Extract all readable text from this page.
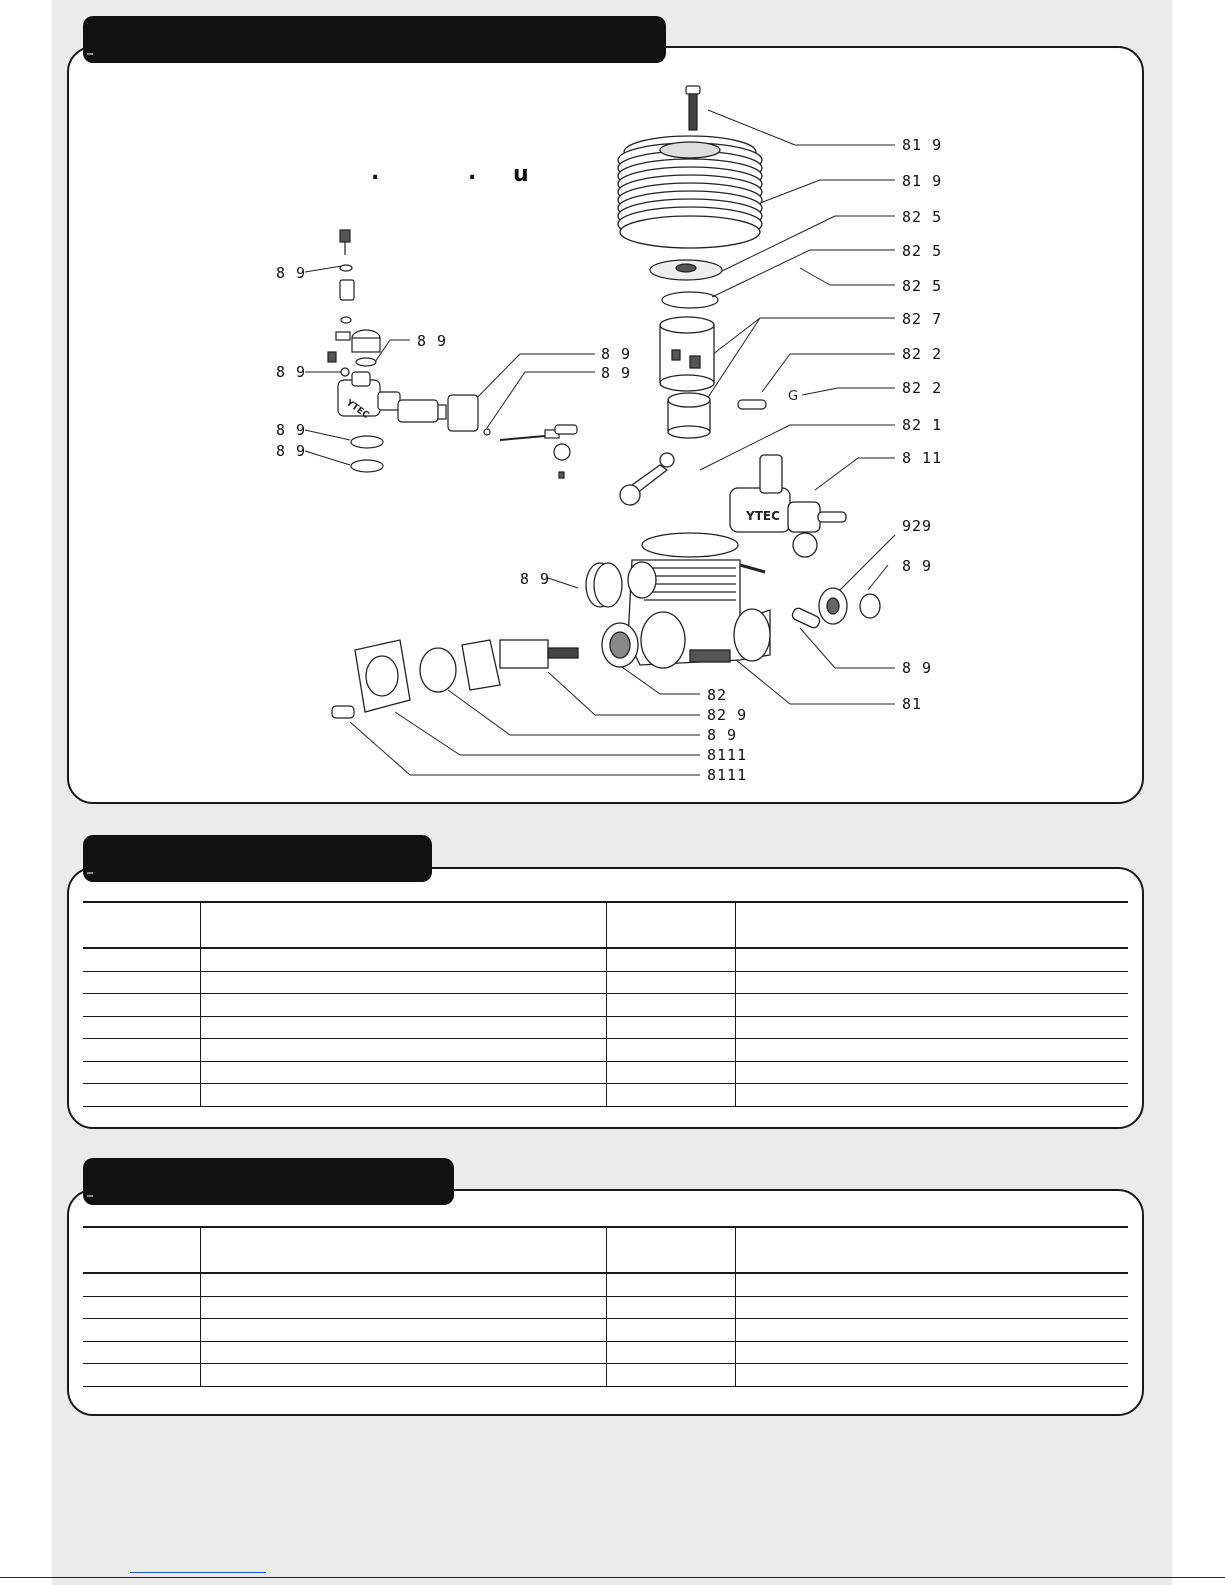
.	. u
G
YTEC
YTEC
81 9
81 9
82 5
82 5
82 5
82 7
82 2
82 2
82 1
8 11
929
8 9
8 9
81
82
82 9
8 9
8111
8111
8 9
8 9
8 9
8 9
8 9
8 9
8 9
8 9
